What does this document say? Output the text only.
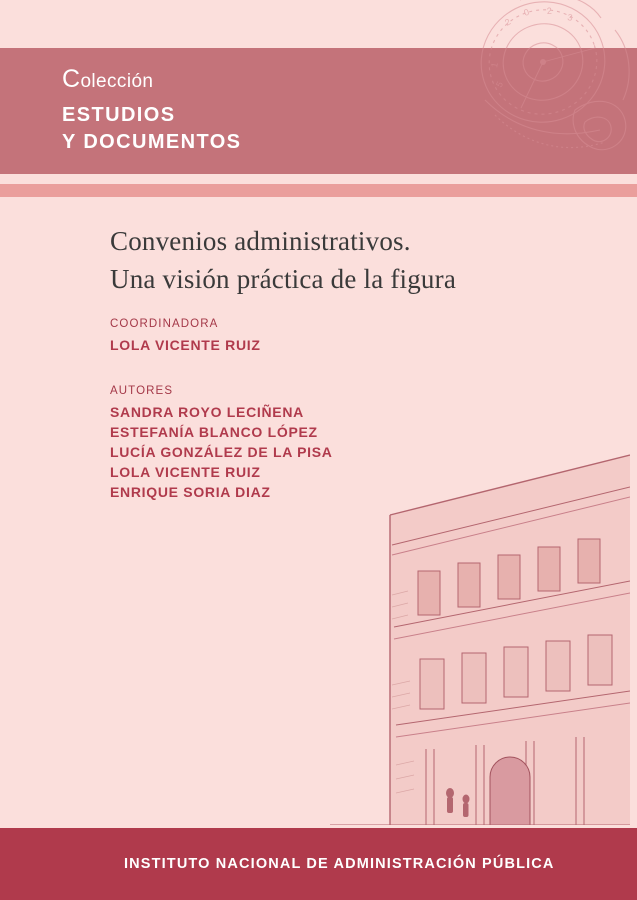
2
0 2
3
1
5
Colección
ESTUDIOS
Y DOCUMENTOS
Convenios administrativos.
Una visión práctica de la figura
COORDINADORA
LOLA VICENTE RUIZ
AUTORES
SANDRA ROYO LECIÑENA
ESTEFANÍA BLANCO LÓPEZ
LUCÍA GONZÁLEZ DE LA PISA
LOLA VICENTE RUIZ
ENRIQUE SORIA DIAZ
INSTITUTO NACIONAL DE ADMINISTRACIÓN PÚBLICA
